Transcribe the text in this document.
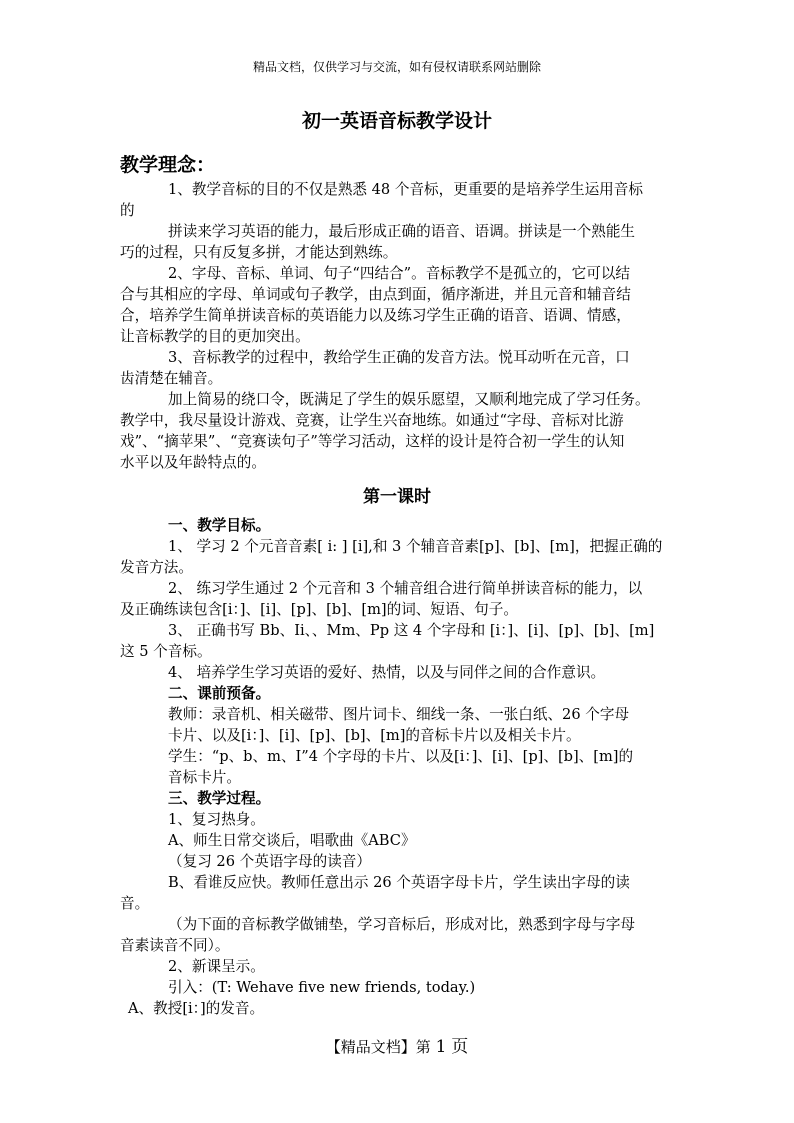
精品文档，仅供学习与交流，如有侵权请联系网站删除
初一英语音标教学设计
教学理念：
1、教学音标的目的不仅是熟悉 48 个音标，更重要的是培养学生运用音标
的
拼读来学习英语的能力，最后形成正确的语音、语调。拼读是一个熟能生
巧的过程，只有反复多拼，才能达到熟练。
2、字母、音标、单词、句子“四结合”。音标教学不是孤立的，它可以结
合与其相应的字母、单词或句子教学，由点到面，循序渐进，并且元音和辅音结
合，培养学生简单拼读音标的英语能力以及练习学生正确的语音、语调、情感，
让音标教学的目的更加突出。
3、音标教学的过程中，教给学生正确的发音方法。悦耳动听在元音，口
齿清楚在辅音。
加上简易的绕口令，既满足了学生的娱乐愿望，又顺利地完成了学习任务。
教学中，我尽量设计游戏、竞赛，让学生兴奋地练。如通过“字母、音标对比游
戏”、“摘苹果”、“竞赛读句子”等学习活动，这样的设计是符合初一学生的认知
水平以及年龄特点的。
第一课时
一、教学目标。
1、 学习 2 个元音音素[ i: ] [i],和 3 个辅音音素[p]、[b]、[m]，把握正确的
发音方法。
2、 练习学生通过 2 个元音和 3 个辅音组合进行简单拼读音标的能力，以
及正确练读包含[i：]、[i]、[p]、[b]、[m]的词、短语、句子。
3、 正确书写 Bb、Ii、、Mm、Pp 这 4 个字母和 [i：]、[i]、[p]、[b]、[m]
这 5 个音标。
4、 培养学生学习英语的爱好、热情，以及与同伴之间的合作意识。
二、课前预备。
教师：录音机、相关磁带、图片词卡、细线一条、一张白纸、26 个字母
卡片、以及[i：]、[i]、[p]、[b]、[m]的音标卡片以及相关卡片。
学生：“p、b、m、I”4 个字母的卡片、以及[i：]、[i]、[p]、[b]、[m]的
音标卡片。
三、教学过程。
1、复习热身。
A、师生日常交谈后，唱歌曲《ABC》
（复习 26 个英语字母的读音）
B、看谁反应快。教师任意出示 26 个英语字母卡片，学生读出字母的读
音。
（为下面的音标教学做铺垫，学习音标后，形成对比，熟悉到字母与字母
音素读音不同）。
2、新课呈示。
引入：(T: Wehave five new friends, today.)
A、教授[i：]的发音。
【精品文档】第 1 页
